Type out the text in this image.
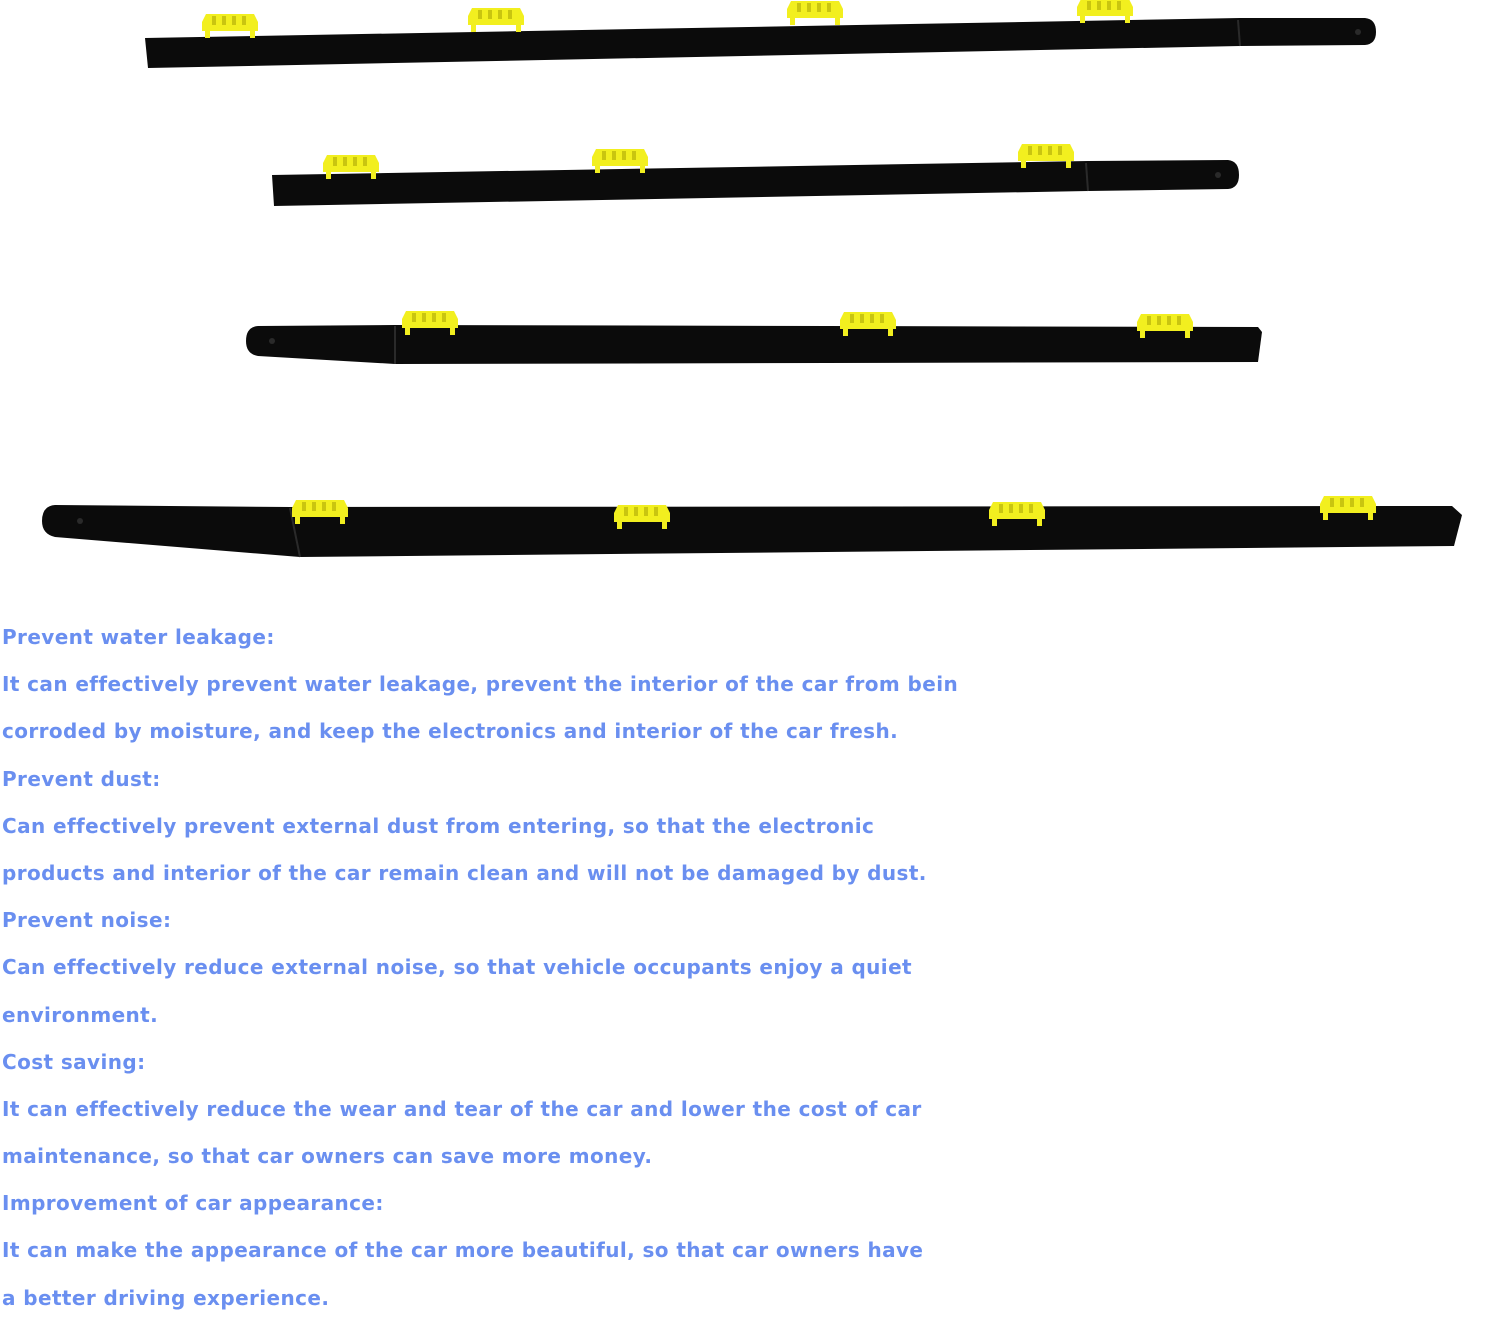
Prevent water leakage:
It can effectively prevent water leakage, prevent the interior of the car from bein
corroded by moisture, and keep the electronics and interior of the car fresh.
Prevent dust:
Can effectively prevent external dust from entering, so that the electronic
products and interior of the car remain clean and will not be damaged by dust.
Prevent noise:
Can effectively reduce external noise, so that vehicle occupants enjoy a quiet
environment.
Cost saving:
It can effectively reduce the wear and tear of the car and lower the cost of car
maintenance, so that car owners can save more money.
Improvement of car appearance:
It can make the appearance of the car more beautiful, so that car owners have
a better driving experience.
